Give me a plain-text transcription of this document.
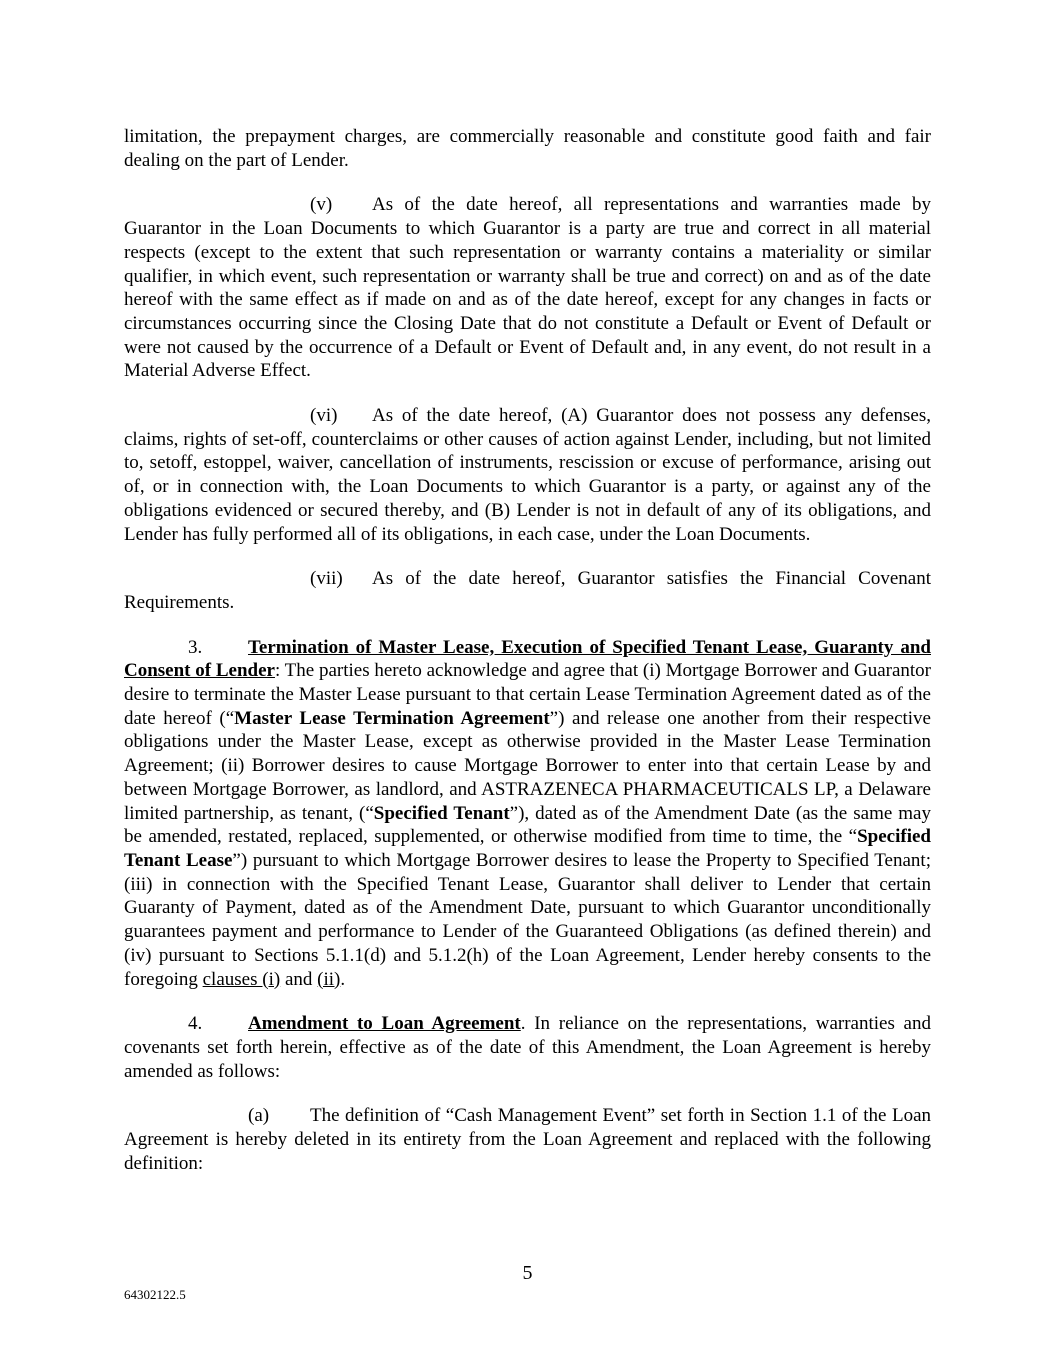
limitation, the prepayment charges, are commercially reasonable and constitute good faith and fair dealing on the part of Lender.

(v) As of the date hereof, all representations and warranties made by Guarantor in the Loan Documents to which Guarantor is a party are true and correct in all material respects (except to the extent that such representation or warranty contains a materiality or similar qualifier, in which event, such representation or warranty shall be true and correct) on and as of the date hereof with the same effect as if made on and as of the date hereof, except for any changes in facts or circumstances occurring since the Closing Date that do not constitute a Default or Event of Default or were not caused by the occurrence of a Default or Event of Default and, in any event, do not result in a Material Adverse Effect.

(vi) As of the date hereof, (A) Guarantor does not possess any defenses, claims, rights of set-off, counterclaims or other causes of action against Lender, including, but not limited to, setoff, estoppel, waiver, cancellation of instruments, rescission or excuse of performance, arising out of, or in connection with, the Loan Documents to which Guarantor is a party, or against any of the obligations evidenced or secured thereby, and (B) Lender is not in default of any of its obligations, and Lender has fully performed all of its obligations, in each case, under the Loan Documents.

(vii) As of the date hereof, Guarantor satisfies the Financial Covenant Requirements.

3. Termination of Master Lease, Execution of Specified Tenant Lease, Guaranty and Consent of Lender: The parties hereto acknowledge and agree that (i) Mortgage Borrower and Guarantor desire to terminate the Master Lease pursuant to that certain Lease Termination Agreement dated as of the date hereof (“Master Lease Termination Agreement”) and release one another from their respective obligations under the Master Lease, except as otherwise provided in the Master Lease Termination Agreement; (ii) Borrower desires to cause Mortgage Borrower to enter into that certain Lease by and between Mortgage Borrower, as landlord, and ASTRAZENECA PHARMACEUTICALS LP, a Delaware limited partnership, as tenant, (“Specified Tenant”), dated as of the Amendment Date (as the same may be amended, restated, replaced, supplemented, or otherwise modified from time to time, the “Specified Tenant Lease”) pursuant to which Mortgage Borrower desires to lease the Property to Specified Tenant; (iii) in connection with the Specified Tenant Lease, Guarantor shall deliver to Lender that certain Guaranty of Payment, dated as of the Amendment Date, pursuant to which Guarantor unconditionally guarantees payment and performance to Lender of the Guaranteed Obligations (as defined therein) and (iv) pursuant to Sections 5.1.1(d) and 5.1.2(h) of the Loan Agreement, Lender hereby consents to the foregoing clauses (i) and (ii).

4. Amendment to Loan Agreement. In reliance on the representations, warranties and covenants set forth herein, effective as of the date of this Amendment, the Loan Agreement is hereby amended as follows:

(a) The definition of “Cash Management Event” set forth in Section 1.1 of the Loan Agreement is hereby deleted in its entirety from the Loan Agreement and replaced with the following definition:

5
64302122.5
